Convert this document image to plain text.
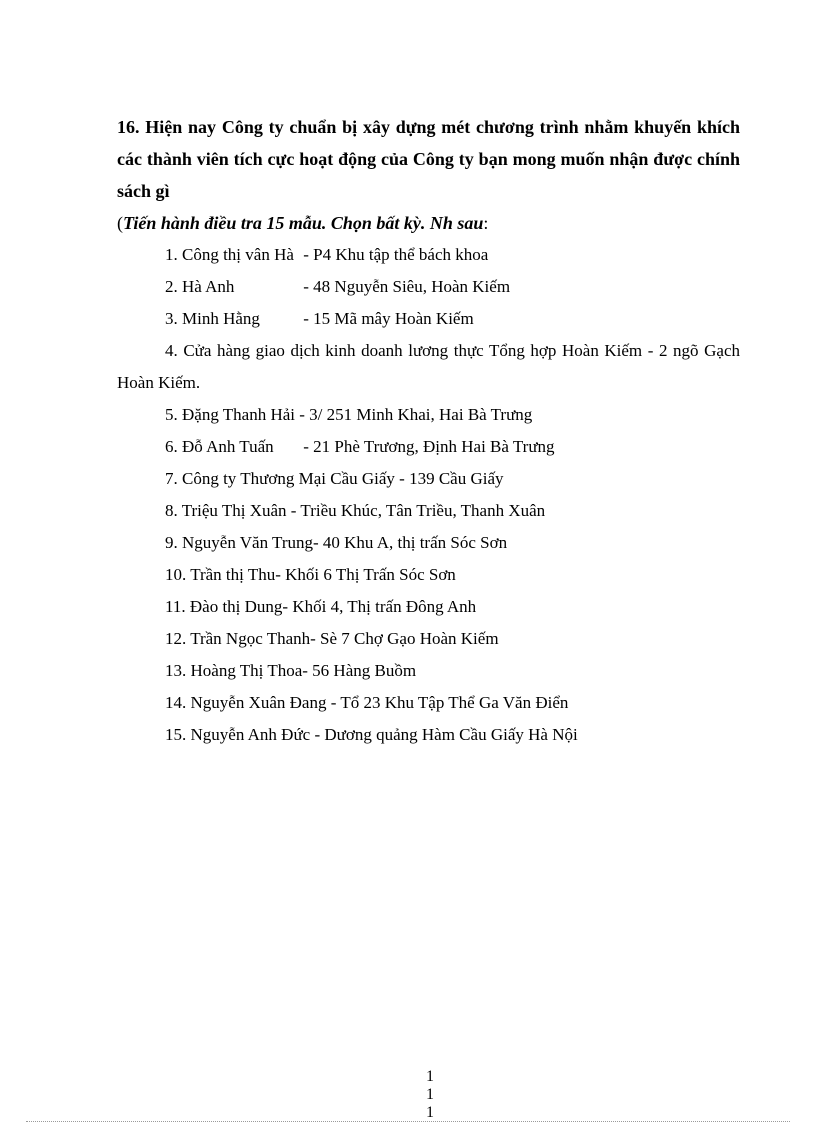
16. Hiện nay Công ty chuẩn bị xây dựng mét chương trình nhằm khuyến khích các thành viên tích cực hoạt động của Công ty bạn mong muốn nhận được chính sách gì

(Tiến hành điều tra 15 mẫu. Chọn bất kỳ. Nh sau:

1. Công thị vân Hà - P4 Khu tập thể bách khoa
2. Hà Anh	- 48 Nguyễn Siêu, Hoàn Kiếm
3. Minh Hằng	- 15 Mã mây Hoàn Kiếm
4. Cửa hàng giao dịch kinh doanh lương thực Tổng hợp Hoàn Kiếm - 2 ngõ Gạch Hoàn Kiếm.
5. Đặng Thanh Hải - 3/ 251 Minh Khai, Hai Bà Trưng
6. Đỗ Anh Tuấn - 21 Phè Trương, Định Hai Bà Trưng
7. Công ty Thương Mại Cầu Giấy - 139 Cầu Giấy
8. Triệu Thị Xuân - Triều Khúc, Tân Triều, Thanh Xuân
9. Nguyễn Văn Trung- 40 Khu A, thị trấn Sóc Sơn
10. Trần thị Thu- Khối 6 Thị Trấn Sóc Sơn
11. Đào thị Dung- Khối 4, Thị trấn Đông Anh
12. Trần Ngọc Thanh- Sè 7 Chợ Gạo Hoàn Kiếm
13. Hoàng Thị Thoa- 56 Hàng Buồm
14. Nguyễn Xuân Đang - Tổ 23 Khu Tập Thể Ga Văn Điển
15. Nguyễn Anh Đức - Dương quảng Hàm Cầu Giấy Hà Nội
1
1
1
